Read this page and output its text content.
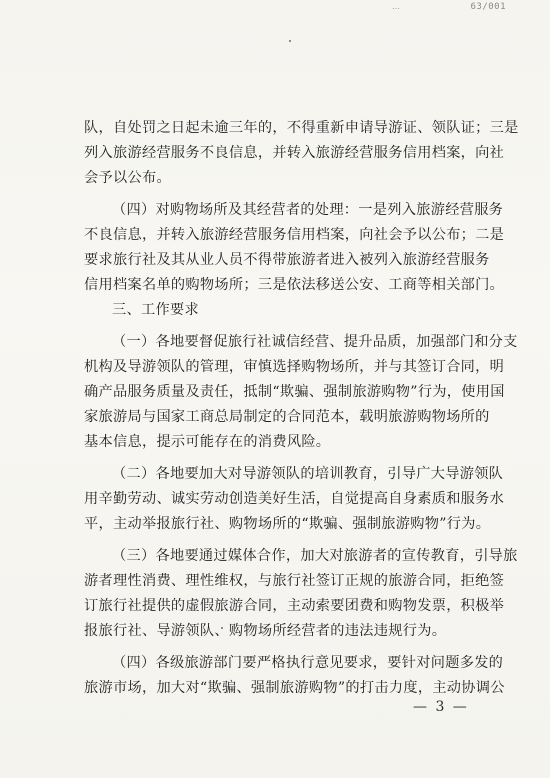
...	63/001
队，自处罚之日起未逾三年的，不得重新申请导游证、领队证；三是
列入旅游经营服务不良信息，并转入旅游经营服务信用档案，向社
会予以公布。
（四）对购物场所及其经营者的处理：一是列入旅游经营服务
不良信息，并转入旅游经营服务信用档案，向社会予以公布；二是
要求旅行社及其从业人员不得带旅游者进入被列入旅游经营服务
信用档案名单的购物场所；三是依法移送公安、工商等相关部门。
三、工作要求
（一）各地要督促旅行社诚信经营、提升品质，加强部门和分支
机构及导游领队的管理，审慎选择购物场所，并与其签订合同，明
确产品服务质量及责任，抵制“欺骗、强制旅游购物”行为，使用国
家旅游局与国家工商总局制定的合同范本，载明旅游购物场所的
基本信息，提示可能存在的消费风险。
（二）各地要加大对导游领队的培训教育，引导广大导游领队
用辛勤劳动、诚实劳动创造美好生活，自觉提高自身素质和服务水
平，主动举报旅行社、购物场所的“欺骗、强制旅游购物”行为。
（三）各地要通过媒体合作，加大对旅游者的宣传教育，引导旅
游者理性消费、理性维权，与旅行社签订正规的旅游合同，拒绝签
订旅行社提供的虚假旅游合同，主动索要团费和购物发票，积极举
报旅行社、导游领队、购物场所经营者的违法违规行为。
（四）各级旅游部门要严格执行意见要求，要针对问题多发的
旅游市场，加大对“欺骗、强制旅游购物”的打击力度，主动协调公
— 3 —
